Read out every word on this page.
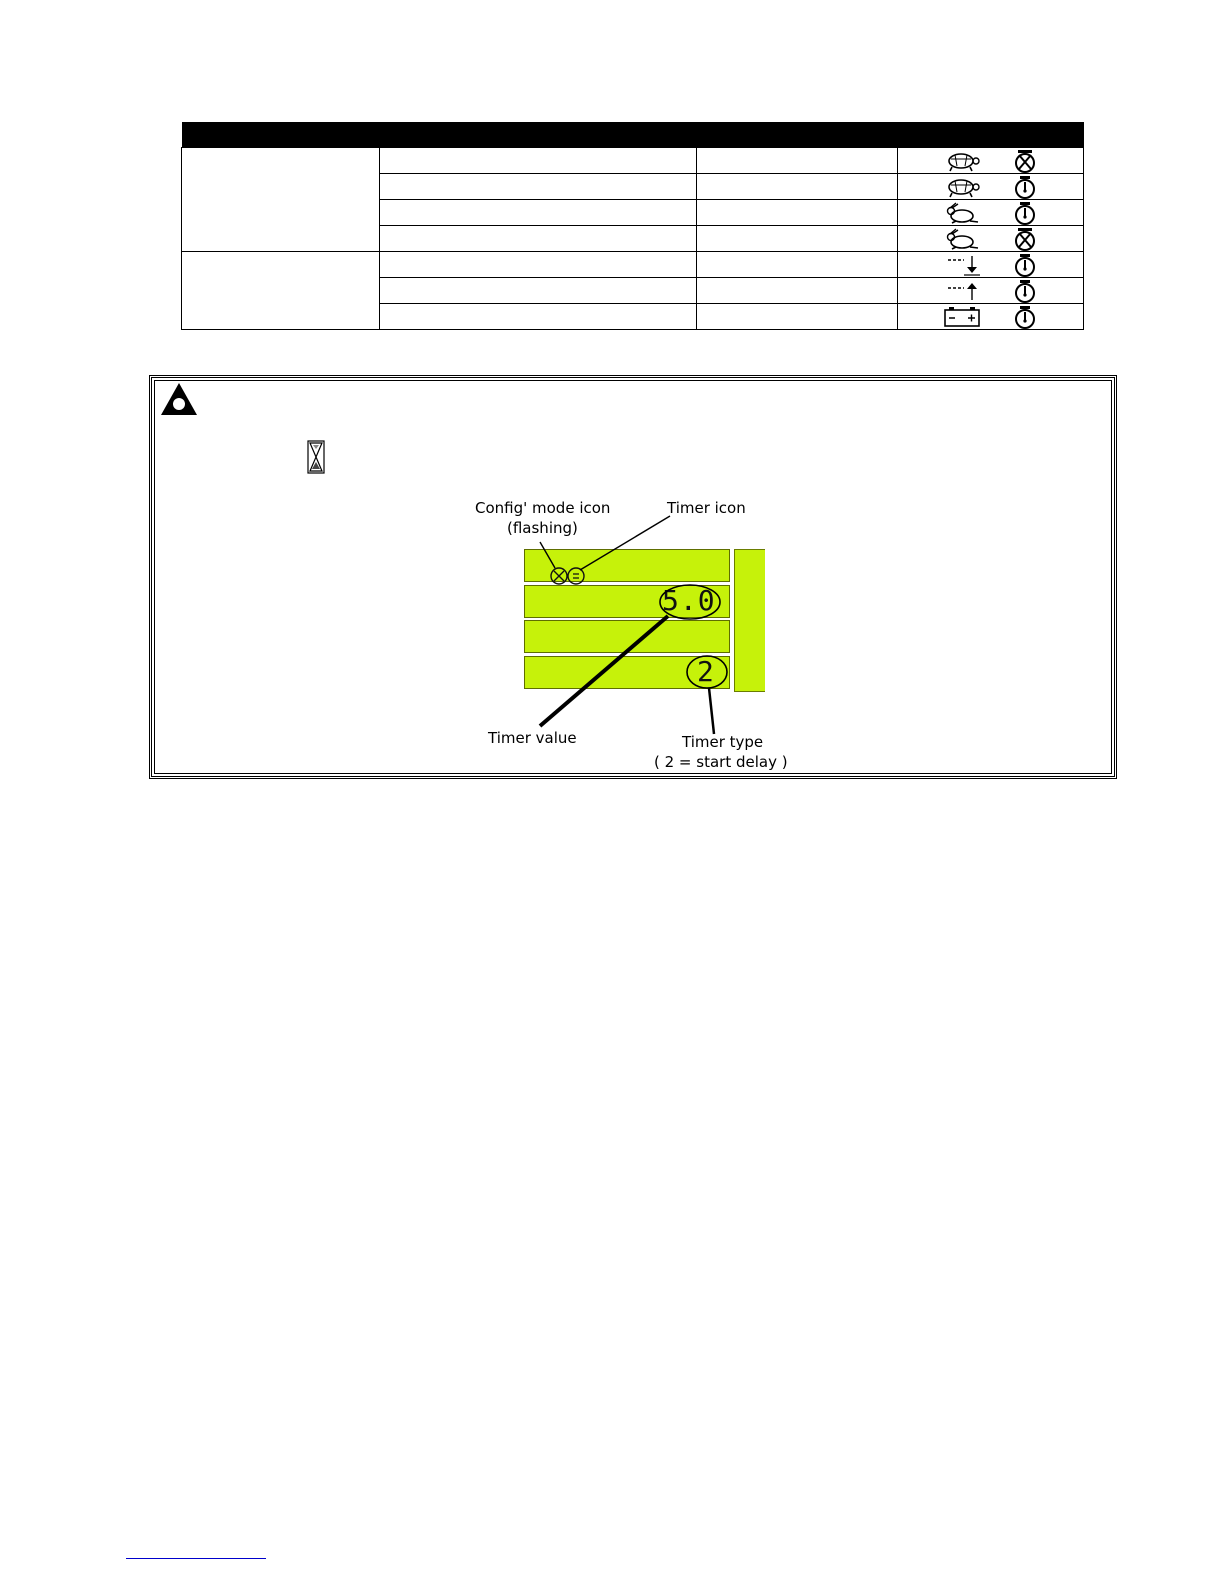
Config' mode icon
(flashing)
Timer icon
5.0
2
Timer value	Timer type
( 2 = start delay )
